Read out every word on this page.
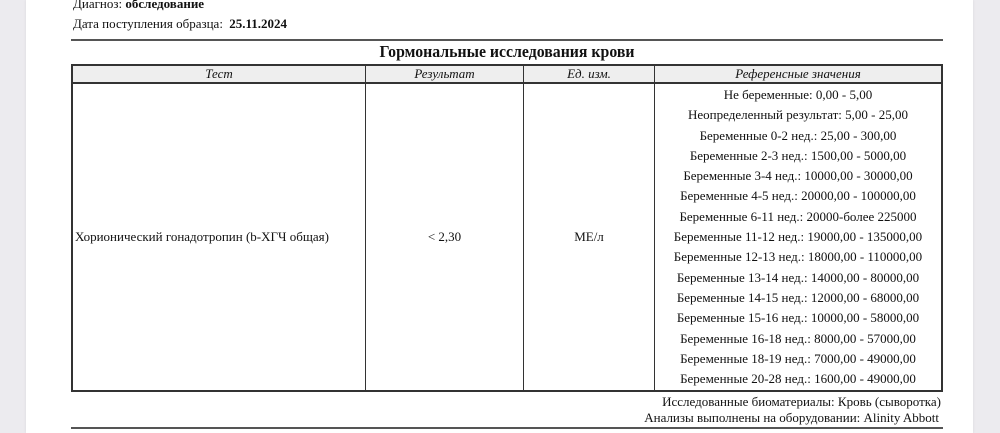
Диагноз: обследование
Дата поступления образца: 25.11.2024
Гормональные исследования крови
Тест	Результат	Ед. изм.	Референсные значения
Хорионический гонадотропин (b-ХГЧ общая)	< 2,30	МЕ/л	
Не беременные: 0,00 - 5,00
Неопределенный результат: 5,00 - 25,00
Беременные 0-2 нед.: 25,00 - 300,00
Беременные 2-3 нед.: 1500,00 - 5000,00
Беременные 3-4 нед.: 10000,00 - 30000,00
Беременные 4-5 нед.: 20000,00 - 100000,00
Беременные 6-11 нед.: 20000-более 225000
Беременные 11-12 нед.: 19000,00 - 135000,00
Беременные 12-13 нед.: 18000,00 - 110000,00
Беременные 13-14 нед.: 14000,00 - 80000,00
Беременные 14-15 нед.: 12000,00 - 68000,00
Беременные 15-16 нед.: 10000,00 - 58000,00
Беременные 16-18 нед.: 8000,00 - 57000,00
Беременные 18-19 нед.: 7000,00 - 49000,00
Беременные 20-28 нед.: 1600,00 - 49000,00
Исследованные биоматериалы: Кровь (сыворотка)
Анализы выполнены на оборудовании: Alinity Abbott
